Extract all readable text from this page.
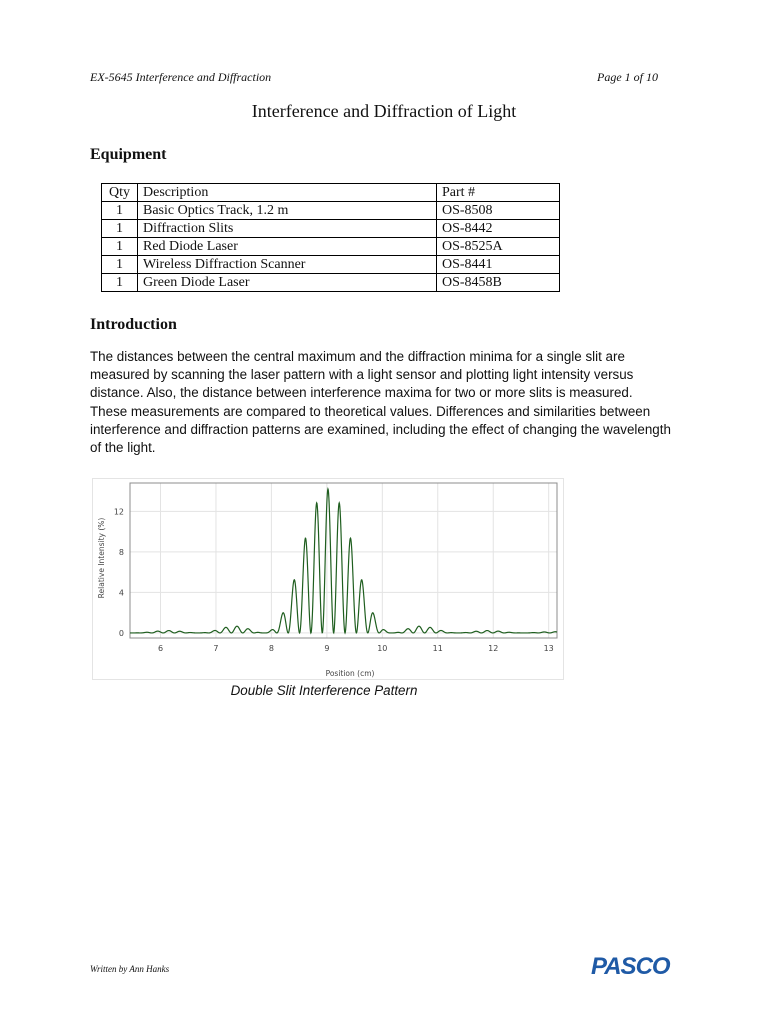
EX-5645 Interference and Diffraction	Page 1 of 10
Interference and Diffraction of Light
Equipment
Qty	Description	Part #
1	Basic Optics Track, 1.2 m	OS-8508
1	Diffraction Slits	OS-8442
1	Red Diode Laser	OS-8525A
1	Wireless Diffraction Scanner	OS-8441
1	Green Diode Laser	OS-8458B
Introduction

The distances between the central maximum and the diffraction minima for a single slit are measured by scanning the laser pattern with a light sensor and plotting light intensity versus distance. Also, the distance between interference maxima for two or more slits is measured. These measurements are compared to theoretical values. Differences and similarities between interference and diffraction patterns are examined, including the effect of changing the wavelength of the light.

6	7	8	9	10	11	12	13
0
4
8
12
Position (cm)
Relative Intensity (%)
Double Slit Interference Pattern
Written by Ann Hanks	PASCO
